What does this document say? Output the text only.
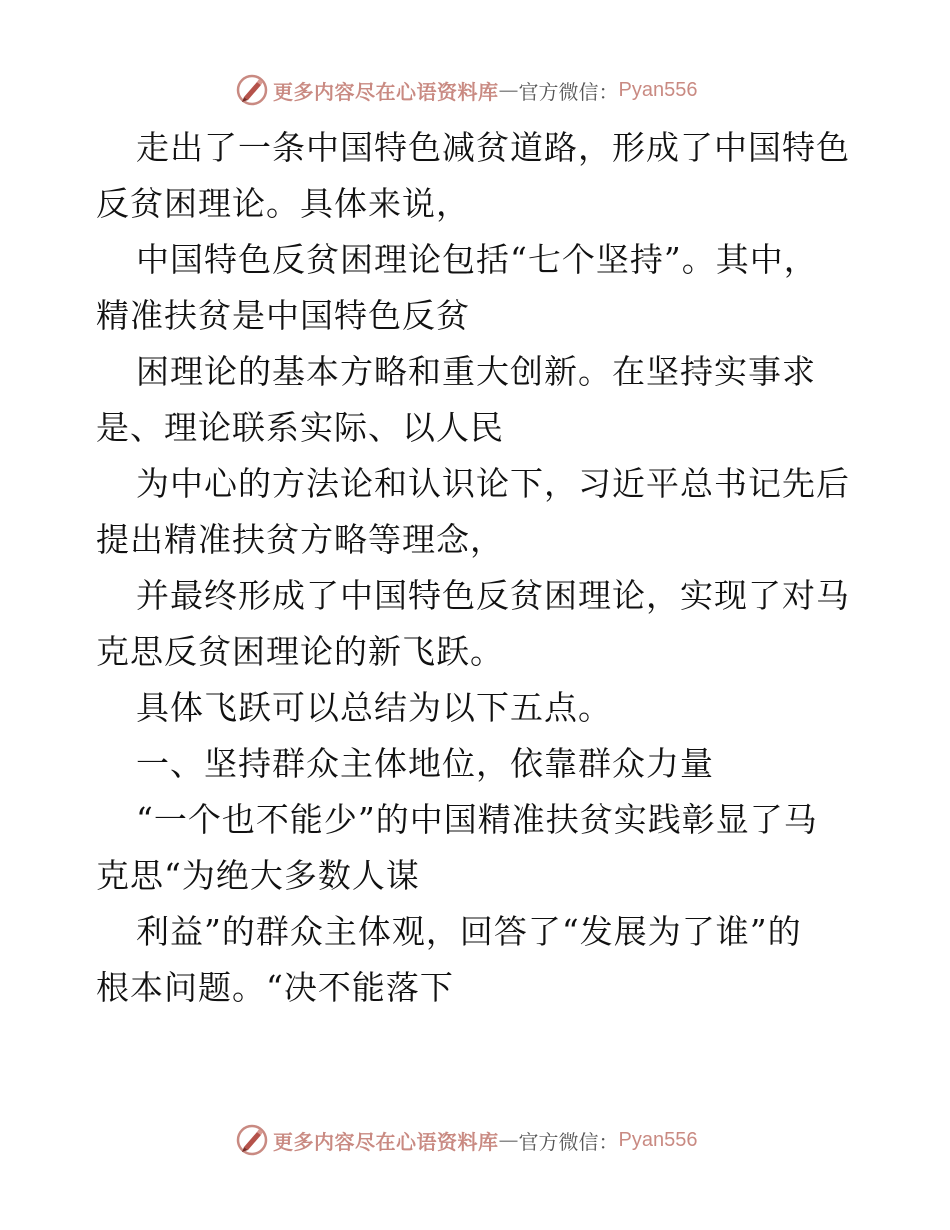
更多内容尽在心语资料库 — 官方微信： Pyan556
走出了一条中国特色减贫道路，形成了中国特色
反贫困理论。具体来说，
中国特色反贫困理论包括“七个坚持”。其中，
精准扶贫是中国特色反贫
困理论的基本方略和重大创新。在坚持实事求
是、理论联系实际、以人民
为中心的方法论和认识论下，习近平总书记先后
提出精准扶贫方略等理念，
并最终形成了中国特色反贫困理论，实现了对马
克思反贫困理论的新飞跃。
具体飞跃可以总结为以下五点。
一、坚持群众主体地位，依靠群众力量
“一个也不能少”的中国精准扶贫实践彰显了马
克思“为绝大多数人谋
利益”的群众主体观，回答了“发展为了谁”的
根本问题。“决不能落下
更多内容尽在心语资料库 — 官方微信： Pyan556
